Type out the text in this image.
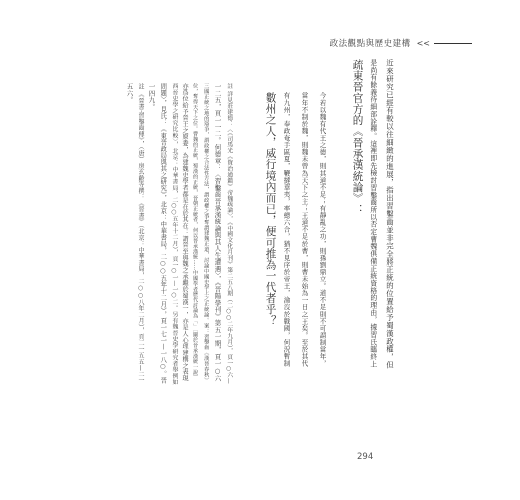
政法觀點與歷史建構 <<
近來研究已經有較以往細緻的進展，指出習鑿齒並非完全將正統的位置給予蜀漢政權，但
是尚有餘義待細部詮釋。這裡即先檢討習鑿齒所以否定曹魏俱備正統資格的理由，據習氏臨終上
疏東晉官方的《晉承漢統論》：
今若以魏有代王之德，則其道不足；有靜亂之功，則孫劉鼎立。道不足則不可謂制當年，
當年不制於魏，則魏未曾為天下之主；王道不足於曹，則曹未始為一日之王矣。至於其代
有九州，奉政奄手區夏，鞭撻華夷，率總六合，猶不見序於帝王，淪沒於戰國，何況暫制
數州之人，威行境內而已，便可推為一代者乎？
註 詳見莊建德：〈《司馬光《資治通鑑》帝魏疏論〉，《中國文化月刊》第二五八期（二○○二年九月），頁一○六—
一二五，頁一一二。何德章：〈習鑿齒晉承漢統論與其人生遭遇〉，《晉陽學刊》第五一期，頁一○六
三國正統之地的辯爭，謂政權之合法性方法，謂政權之爭奪謂建魏正道，討論中國史學上之正統論。案：習鑿齒《漢晉春秋》
位，奪得天下之位。曹魏的正統，蜀漢的正統，晉朝正統者，何以晉承漢統……中國學者歷代討論為「」〔關於晉承漢統一說〕
亦爲位給予晉王之原委，為建魏史學者都是在於其在：謂晉至與魏之承繼於蜀漢一，亦是人心理建構之表現
西晉史學之研究比較〉，北京：中華書局，二○○五年十二月），頁一○一—一○二。另有魏晉史學研究者舉例如
問題〉，見氏：《東晉政局與其之研究》，北京：中華書局，二○○五年十二月），頁一七一—一八○。晉
一四九。
註 《晉書·習鑿齒傳》，（唐）房玄齡等撰：《晉書》（北京：中華書局，二○○八年二月），頁二一五五—二一
五六。
294
